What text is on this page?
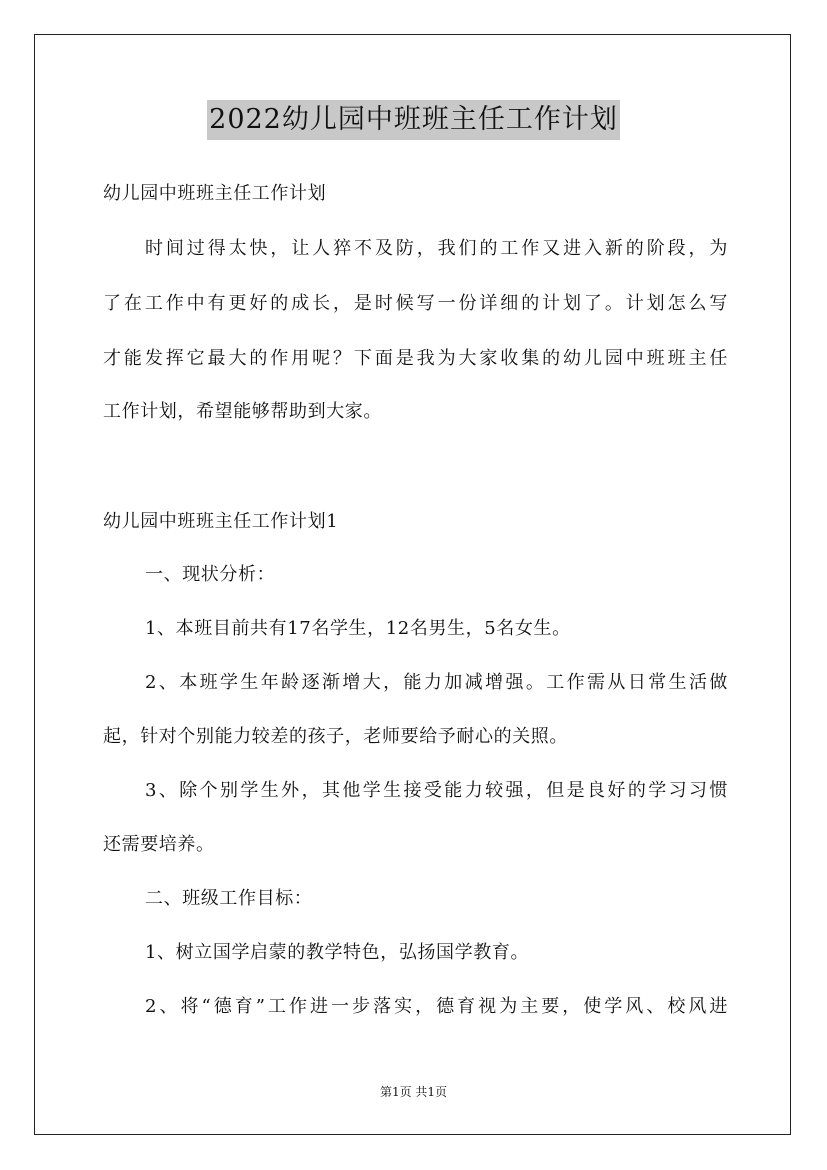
2022幼儿园中班班主任工作计划
幼儿园中班班主任工作计划
时间过得太快，让人猝不及防，我们的工作又进入新的阶段，为
了在工作中有更好的成长，是时候写一份详细的计划了。计划怎么写
才能发挥它最大的作用呢？下面是我为大家收集的幼儿园中班班主任
工作计划，希望能够帮助到大家。
幼儿园中班班主任工作计划1
一、现状分析：
1、本班目前共有17名学生，12名男生，5名女生。
2、本班学生年龄逐渐增大，能力加减增强。工作需从日常生活做
起，针对个别能力较差的孩子，老师要给予耐心的关照。
3、除个别学生外，其他学生接受能力较强，但是良好的学习习惯
还需要培养。
二、班级工作目标：
1、树立国学启蒙的教学特色，弘扬国学教育。
2、将“德育”工作进一步落实，德育视为主要，使学风、校风进
第1页 共1页
